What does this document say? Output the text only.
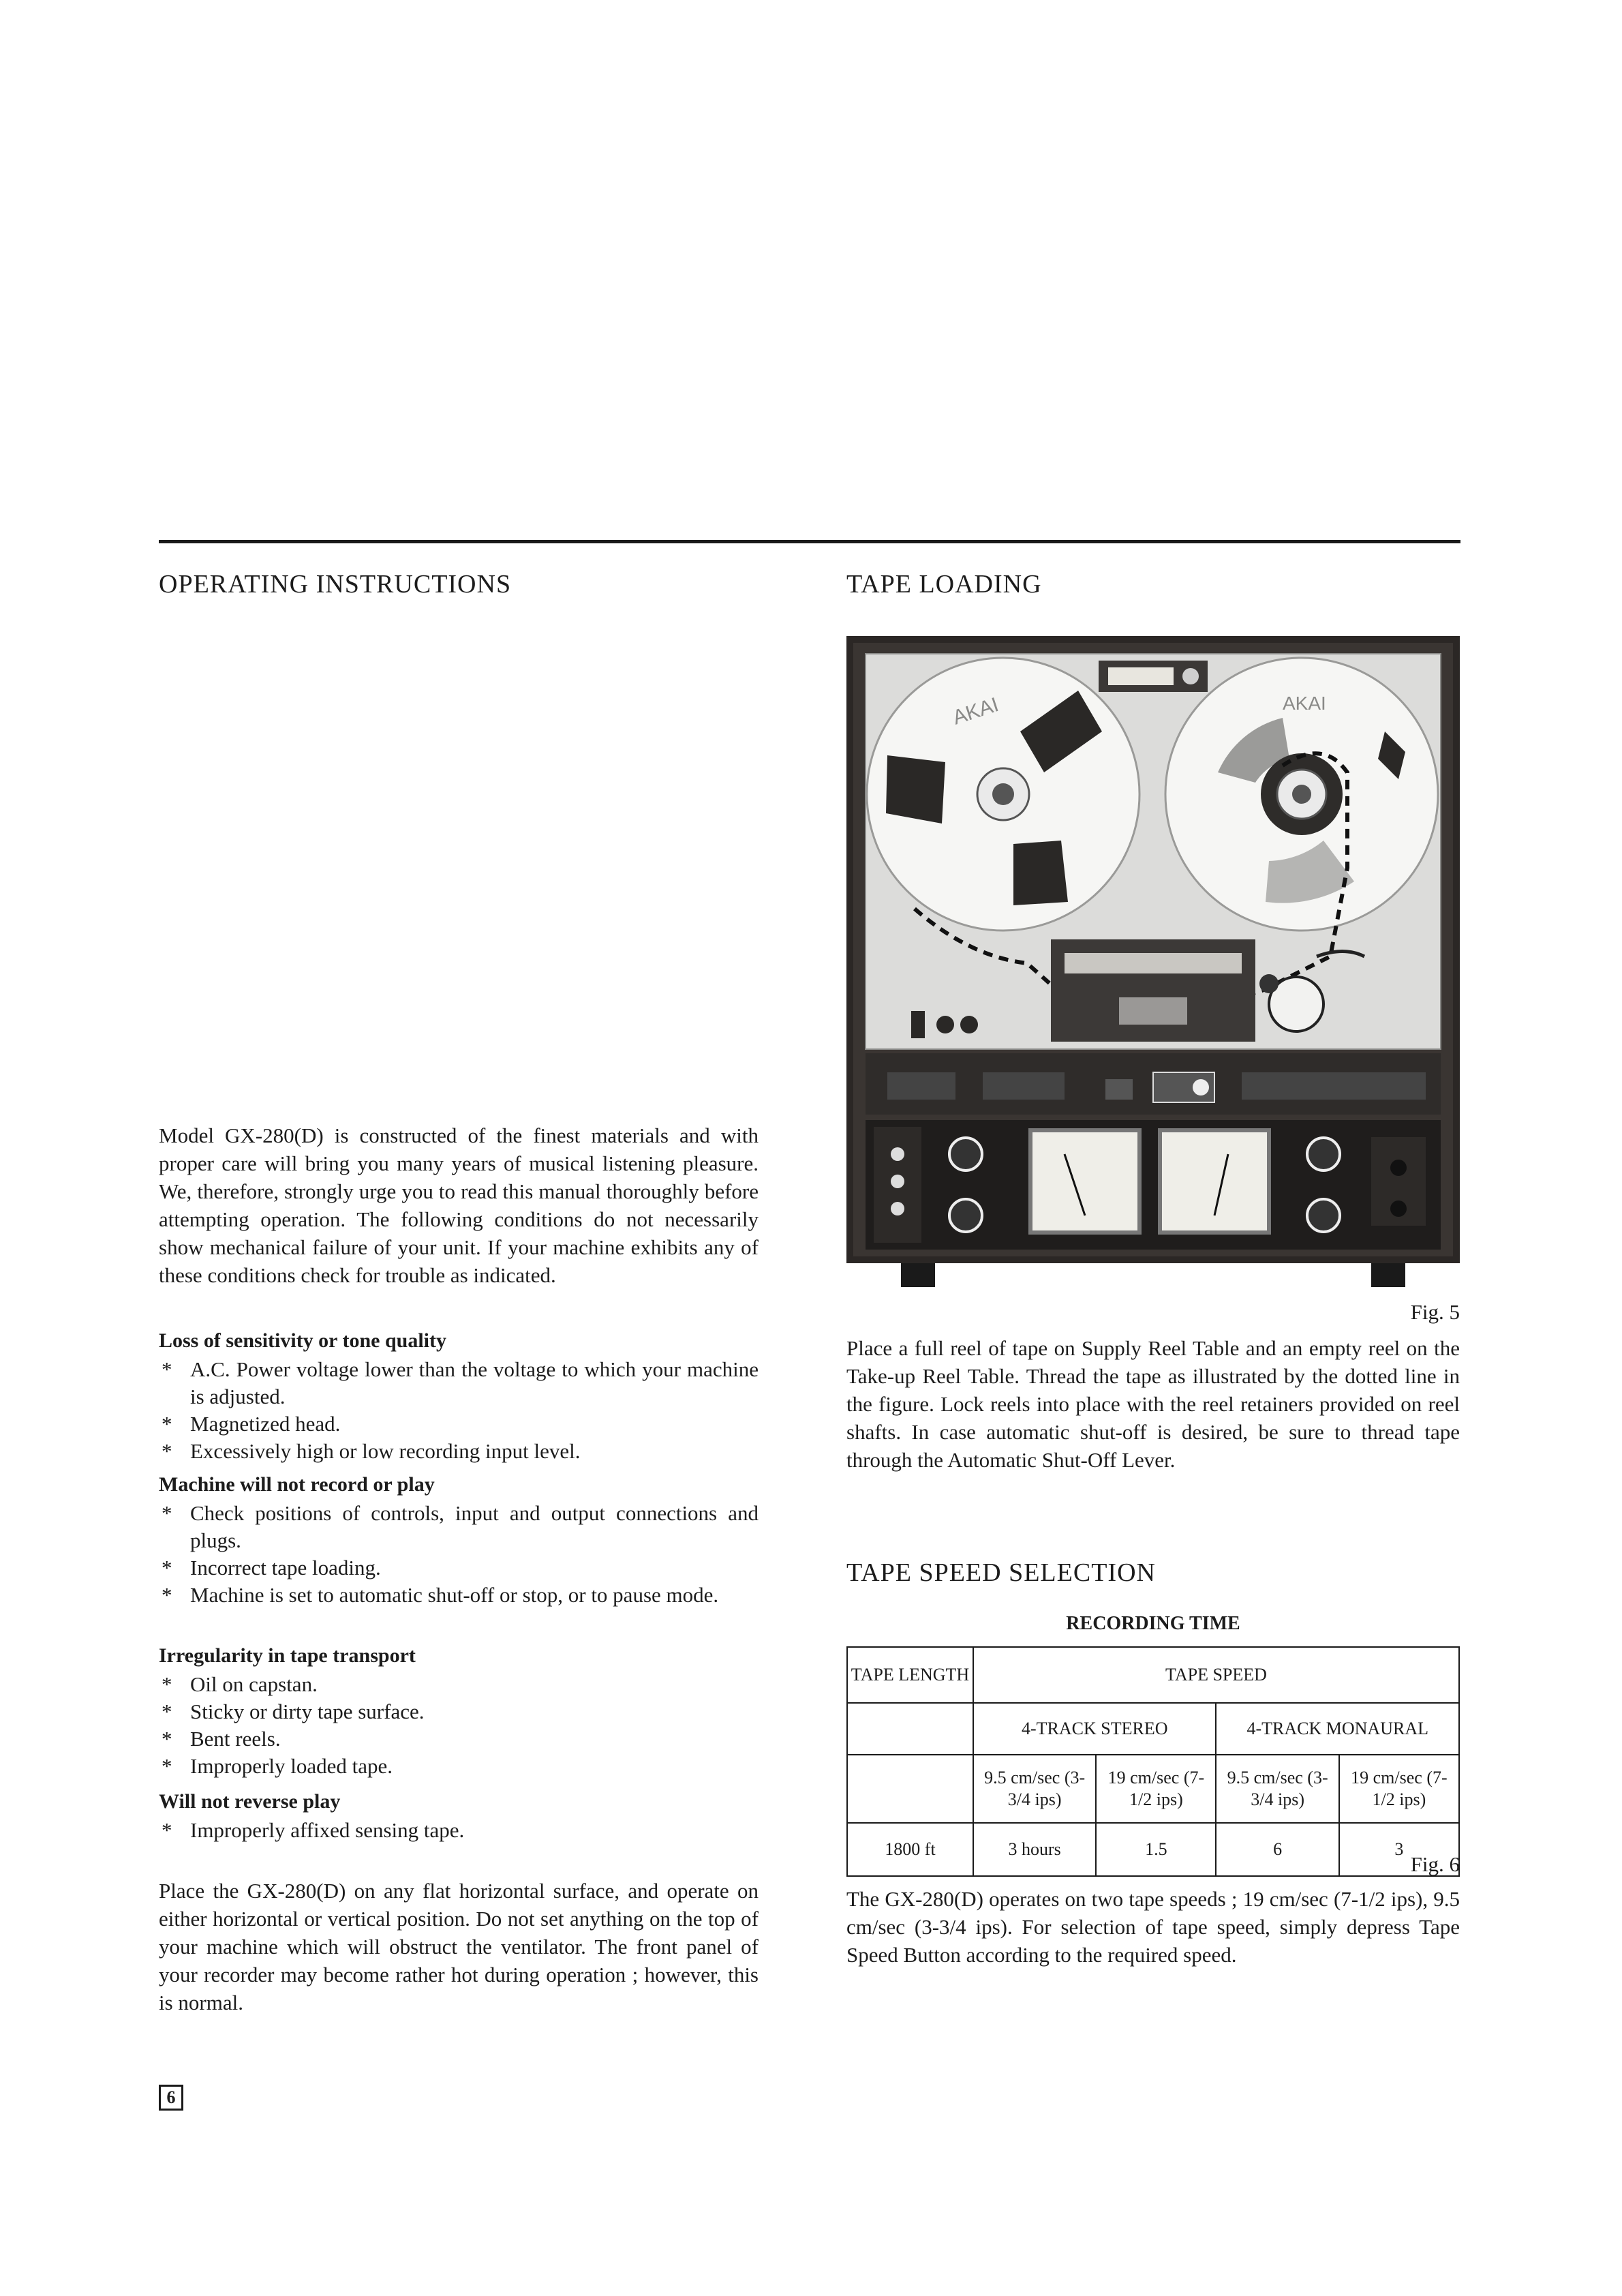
OPERATING INSTRUCTIONS

Model GX-280(D) is constructed of the finest materials and with proper care will bring you many years of musical listening pleasure. We, therefore, strongly urge you to read this manual thoroughly before attempting operation. The following conditions do not necessarily show mechanical failure of your unit. If your machine exhibits any of these conditions check for trouble as indicated.

Loss of sensitivity or tone quality
* A.C. Power voltage lower than the voltage to which your machine is adjusted.
* Magnetized head.
* Excessively high or low recording input level.
Machine will not record or play
* Check positions of controls, input and output connections and plugs.
* Incorrect tape loading.
* Machine is set to automatic shut-off or stop, or to pause mode.
Irregularity in tape transport
* Oil on capstan.
* Sticky or dirty tape surface.
* Bent reels.
* Improperly loaded tape.
Will not reverse play
* Improperly affixed sensing tape.

Place the GX-280(D) on any flat horizontal surface, and operate on either horizontal or vertical position. Do not set anything on the top of your machine which will obstruct the ventilator. The front panel of your recorder may become rather hot during operation ; however, this is normal.

6
TAPE LOADING
AKAI	AKAI
Fig. 5

Place a full reel of tape on Supply Reel Table and an empty reel on the Take-up Reel Table. Thread the tape as illustrated by the dotted line in the figure. Lock reels into place with the reel retainers provided on reel shafts. In case automatic shut-off is desired, be sure to thread tape through the Automatic Shut-Off Lever.

TAPE SPEED SELECTION
RECORDING TIME
TAPE LENGTH	TAPE SPEED			
	4-TRACK STEREO		4-TRACK MONAURAL	
	9.5 cm/sec (3-3/4 ips)	19 cm/sec (7-1/2 ips)	9.5 cm/sec (3-3/4 ips)	19 cm/sec (7-1/2 ips)
1800 ft	3 hours	1.5	6	3
Fig. 6

The GX-280(D) operates on two tape speeds ; 19 cm/sec (7-1/2 ips), 9.5 cm/sec (3-3/4 ips). For selection of tape speed, simply depress Tape Speed Button according to the required speed.
